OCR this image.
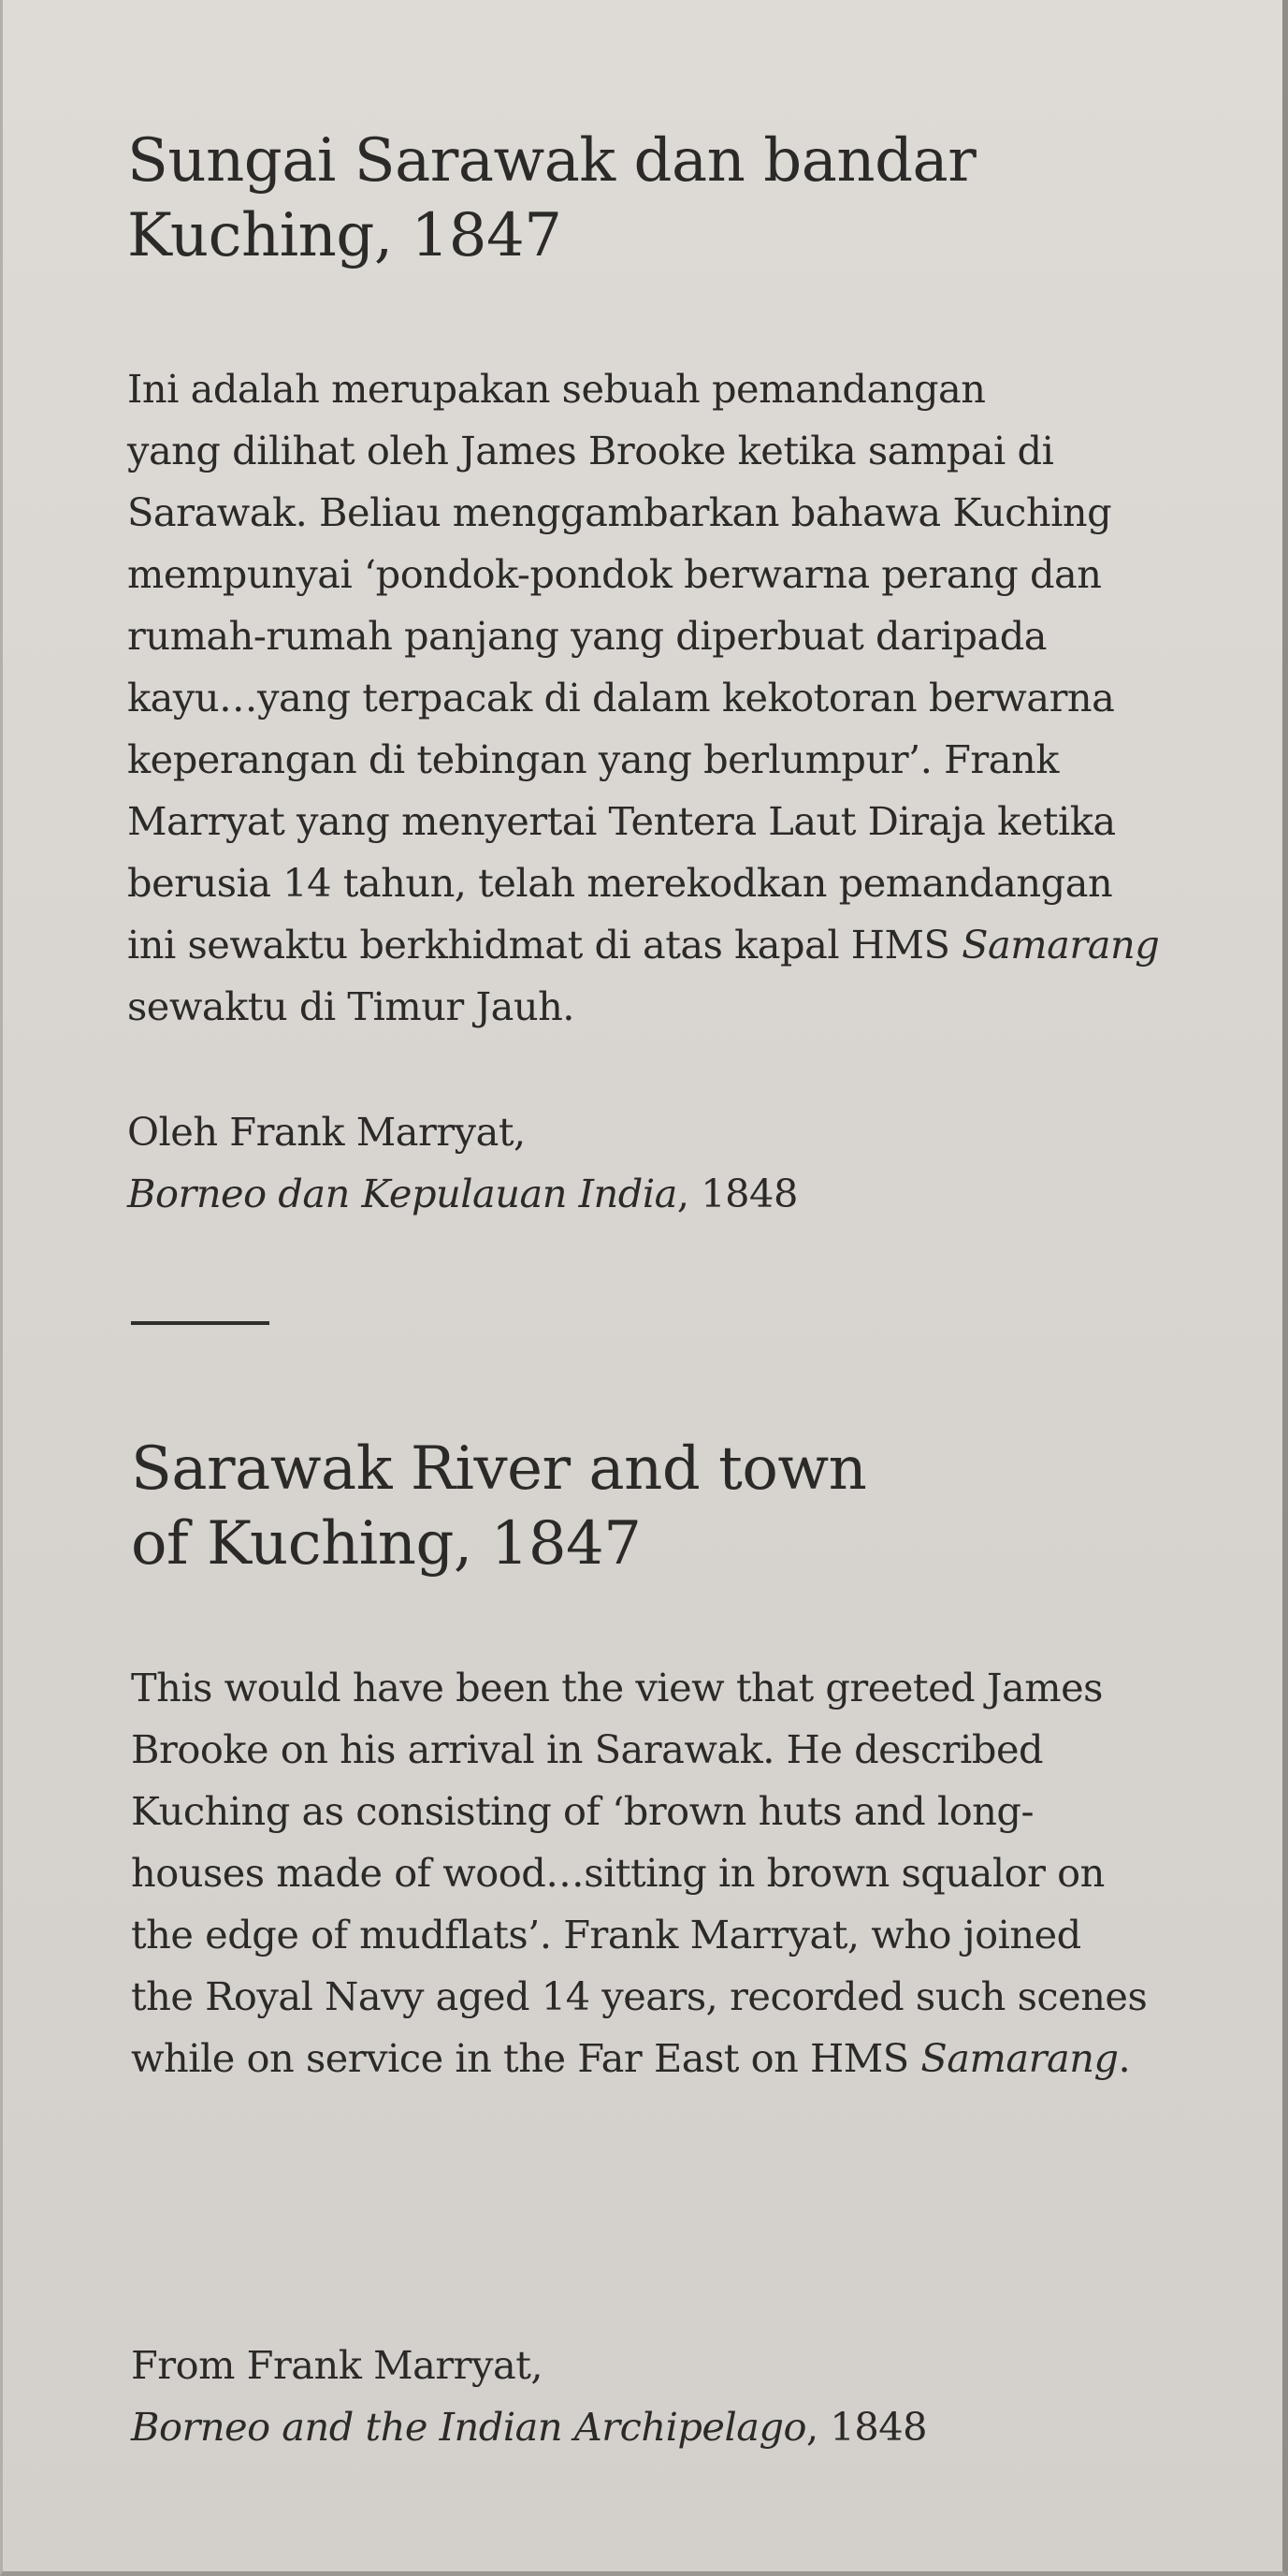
Sungai Sarawak dan bandar
Kuching, 1847

Ini adalah merupakan sebuah pemandangan
yang dilihat oleh James Brooke ketika sampai di
Sarawak. Beliau menggambarkan bahawa Kuching
mempunyai ‘pondok-pondok berwarna perang dan
rumah-rumah panjang yang diperbuat daripada
kayu…yang terpacak di dalam kekotoran berwarna
keperangan di tebingan yang berlumpur’. Frank
Marryat yang menyertai Tentera Laut Diraja ketika
berusia 14 tahun, telah merekodkan pemandangan
ini sewaktu berkhidmat di atas kapal HMS Samarang
sewaktu di Timur Jauh.

Oleh Frank Marryat,
Borneo dan Kepulauan India, 1848

Sarawak River and town
of Kuching, 1847

This would have been the view that greeted James
Brooke on his arrival in Sarawak. He described
Kuching as consisting of ‘brown huts and long-
houses made of wood…sitting in brown squalor on
the edge of mudflats’. Frank Marryat, who joined
the Royal Navy aged 14 years, recorded such scenes
while on service in the Far East on HMS Samarang.

From Frank Marryat,
Borneo and the Indian Archipelago, 1848
